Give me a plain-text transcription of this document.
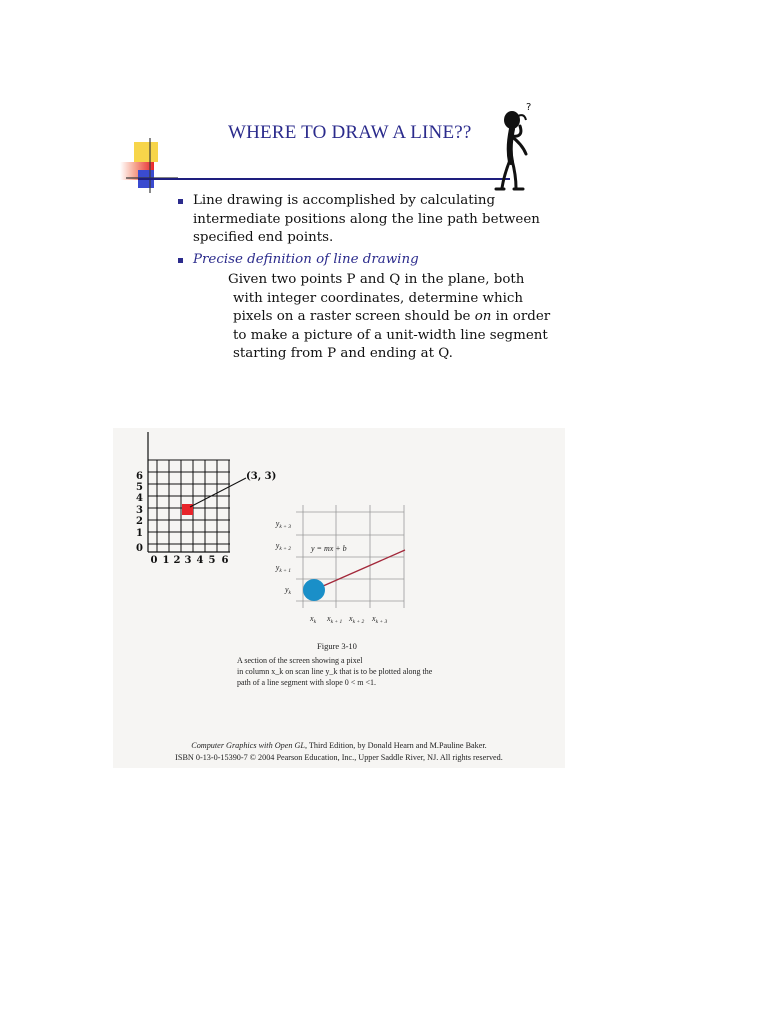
?
WHERE TO DRAW A LINE??
Line drawing is accomplished by calculating intermediate positions along the line path between specified end points.
Precise definition of line drawing
Given two points P and Q in the plane, both
with integer coordinates, determine which
pixels on a raster screen should be on in order
to make a picture of a unit-width line segment
starting from P and ending at Q.
(3, 3)
6
5
4
3
2
1
0
0 1 2 3 4 5 6
$y_{k + 3}$
$y_{k + 2}$
$y_{k + 1}$
$y_k$
$x_k$ $x_{k + 1}$ $x_{k + 2}$ $x_{k + 3}$
y = mx + b
Figure 3-10
A section of the screen showing a pixel
in column x_k on scan line y_k that is to be plotted along the
path of a line segment with slope 0 < m <1.
Computer Graphics with Open GL, Third Edition, by Donald Hearn and M.Pauline Baker.
ISBN 0-13-0-15390-7 © 2004 Pearson Education, Inc., Upper Saddle River, NJ. All rights reserved.
